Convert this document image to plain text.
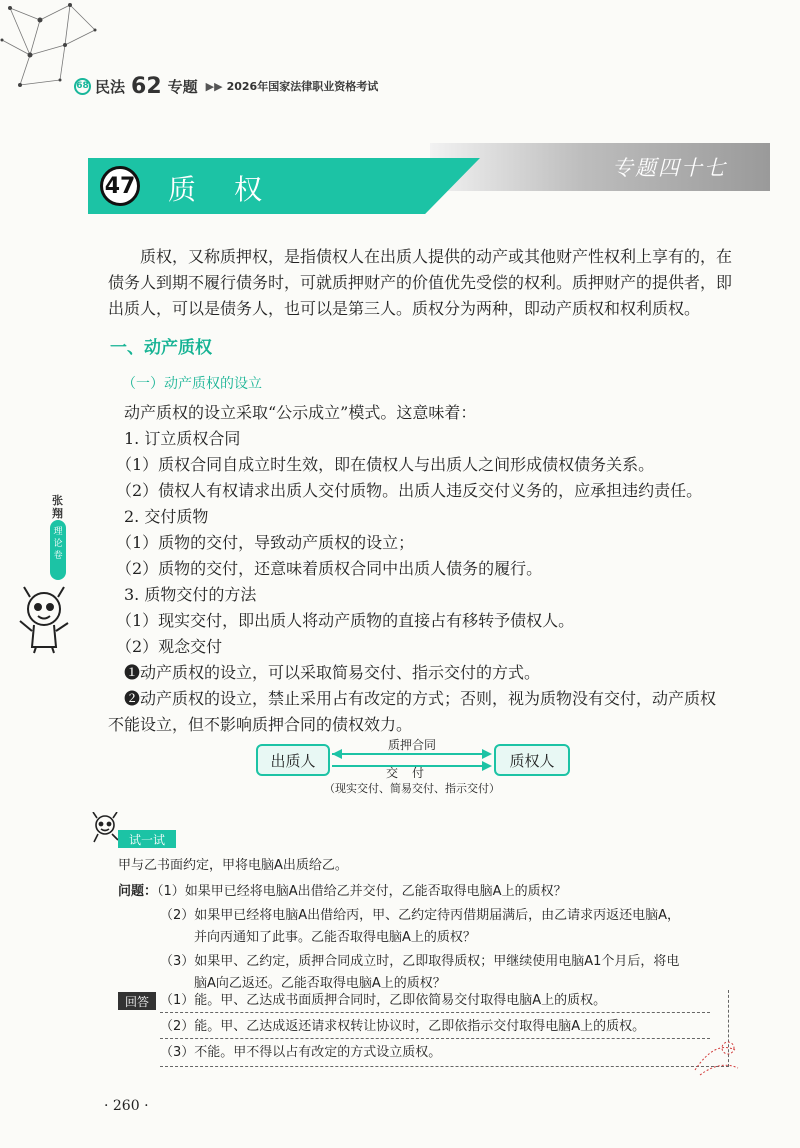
68 民法 62 专题 ▶▶ 2026年国家法律职业资格考试
47 质权
专题四十七
质权，又称质押权，是指债权人在出质人提供的动产或其他财产性权利上享有的，在债务人到期不履行债务时，可就质押财产的价值优先受偿的权利。质押财产的提供者，即出质人，可以是债务人，也可以是第三人。质权分为两种，即动产质权和权利质权。
一、动产质权
（一）动产质权的设立
动产质权的设立采取“公示成立”模式。这意味着：
1. 订立质权合同
（1）质权合同自成立时生效，即在债权人与出质人之间形成债权债务关系。
（2）债权人有权请求出质人交付质物。出质人违反交付义务的，应承担违约责任。
2. 交付质物
（1）质物的交付，导致动产质权的设立；
（2）质物的交付，还意味着质权合同中出质人债务的履行。
3. 质物交付的方法
（1）现实交付，即出质人将动产质物的直接占有移转予债权人。
（2）观念交付
❶动产质权的设立，可以采取简易交付、指示交付的方式。
❷动产质权的设立，禁止采用占有改定的方式；否则，视为质物没有交付，动产质权
不能设立，但不影响质押合同的债权效力。
张翔
理论卷
出质人	质权人
质押合同
交付
（现实交付、简易交付、指示交付）
试一试
甲与乙书面约定，甲将电脑A出质给乙。
问题：（1）如果甲已经将电脑A出借给乙并交付，乙能否取得电脑A上的质权？
（2）如果甲已经将电脑A出借给丙，甲、乙约定待丙借期届满后，由乙请求丙返还电脑A，
并向丙通知了此事。乙能否取得电脑A上的质权？
（3）如果甲、乙约定，质押合同成立时，乙即取得质权；甲继续使用电脑A1个月后，将电
脑A向乙返还。乙能否取得电脑A上的质权？
回答 （1）能。甲、乙达成书面质押合同时，乙即依简易交付取得电脑A上的质权。
（2）能。甲、乙达成返还请求权转让协议时，乙即依指示交付取得电脑A上的质权。
（3）不能。甲不得以占有改定的方式设立质权。
· 260 ·
